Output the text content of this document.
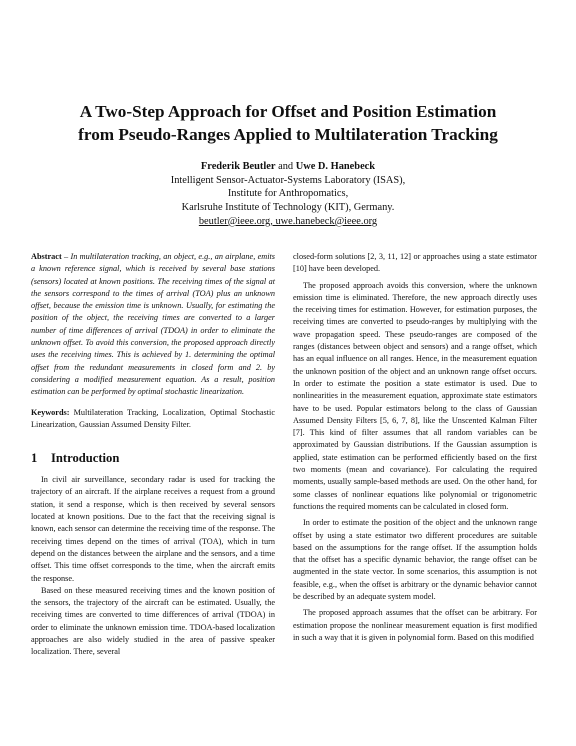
A Two-Step Approach for Offset and Position Estimation
from Pseudo-Ranges Applied to Multilateration Tracking
Frederik Beutler and Uwe D. Hanebeck
Intelligent Sensor-Actuator-Systems Laboratory (ISAS),
Institute for Anthropomatics,
Karlsruhe Institute of Technology (KIT), Germany.
beutler@ieee.org, uwe.hanebeck@ieee.org

Abstract – In multilateration tracking, an object, e.g., an airplane, emits a known reference signal, which is received by several base stations (sensors) located at known positions. The receiving times of the signal at the sensors correspond to the times of arrival (TOA) plus an unknown offset, because the emission time is unknown. Usually, for estimating the position of the object, the receiving times are converted to a larger number of time differences of arrival (TDOA) in order to eliminate the unknown offset. To avoid this conversion, the proposed approach directly uses the receiving times. This is achieved by 1. determining the optimal offset from the redundant measurements in closed form and 2. by considering a modified measurement equation. As a result, position estimation can be performed by optimal stochastic linearization.

Keywords: Multilateration Tracking, Localization, Optimal Stochastic Linearization, Gaussian Assumed Density Filter.

1 Introduction

In civil air surveillance, secondary radar is used for tracking the trajectory of an aircraft. If the airplane receives a request from a ground station, it send a response, which is then received by several sensors located at known positions. Due to the fact that the receiving signal is known, each sensor can determine the receiving time of the response. The receiving times depend on the times of arrival (TOA), which in turn depend on the distances between the airplane and the sensors, and a time offset. This time offset corresponds to the time, when the aircraft emits the response.

Based on these measured receiving times and the known position of the sensors, the trajectory of the aircraft can be estimated. Usually, the receiving times are converted to time differences of arrival (TDOA) in order to eliminate the unknown emission time. TDOA-based localization approaches are also widely studied in the area of passive speaker localization. There, several

closed-form solutions [2, 3, 11, 12] or approaches using a state estimator [10] have been developed.

The proposed approach avoids this conversion, where the unknown emission time is eliminated. Therefore, the new approach directly uses the receiving times for estimation. However, for estimation purposes, the receiving times are converted to pseudo-ranges by multiplying with the wave propagation speed. These pseudo-ranges are composed of the ranges (distances between object and sensors) and a range offset, which has an equal influence on all ranges. Hence, in the measurement equation the unknown position of the object and an unknown range offset occurs. In order to estimate the position a state estimator is used. Due to nonlinearities in the measurement equation, approximate state estimators have to be used. Popular estimators belong to the class of Gaussian Assumed Density Filters [5, 6, 7, 8], like the Unscented Kalman Filter [7]. This kind of filter assumes that all random variables can be approximated by Gaussian distributions. If the Gaussian assumption is applied, state estimation can be performed efficiently based on the first two moments (mean and covariance). For calculating the required moments, usually sample-based methods are used. On the other hand, for some classes of nonlinear equations like polynomial or trigonometric functions the required moments can be calculated in closed form.

In order to estimate the position of the object and the unknown range offset by using a state estimator two different procedures are suitable based on the assumptions for the range offset. If the assumption holds that the offset has a specific dynamic behavior, the range offset can be augmented in the state vector. In some scenarios, this assumption is not feasible, e.g., when the offset is arbitrary or the dynamic behavior cannot be described by an adequate system model.

The proposed approach assumes that the offset can be arbitrary. For estimation propose the nonlinear measurement equation is first modified in such a way that it is given in polynomial form. Based on this modified
